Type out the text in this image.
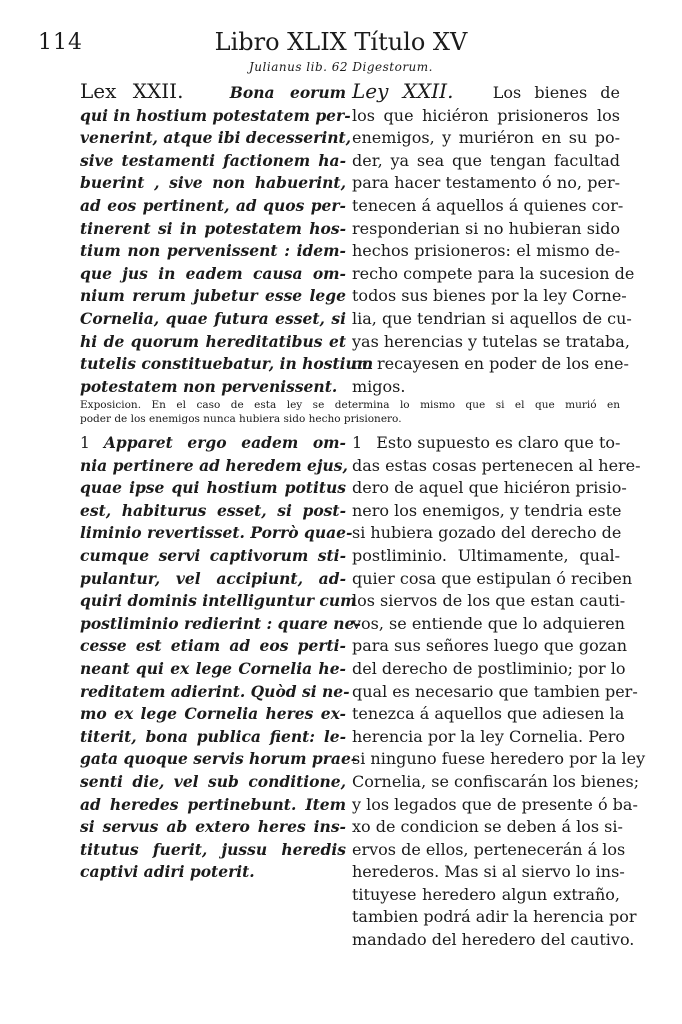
114	Libro XLIX Título XV
Julianus lib. 62 Digestorum.
Lex XXII.	Bona eorum
qui in hostium potestatem per-
venerint, atque ibi decesserint,
sive testamenti factionem ha-
buerint , sive non habuerint,
ad eos pertinent, ad quos per-
tinerent si in potestatem hos-
tium non pervenissent : idem-
que jus in eadem causa om-
nium rerum jubetur esse lege
Cornelia, quae futura esset, si
hi de quorum hereditatibus et
tutelis constituebatur, in hostium
potestatem non pervenissent.
Ley XXII. Los bienes de
los que hiciéron prisioneros los
enemigos, y muriéron en su po-
der, ya sea que tengan facultad
para hacer testamento ó no, per-
tenecen á aquellos á quienes cor-
responderian si no hubieran sido
hechos prisioneros: el mismo de-
recho compete para la sucesion de
todos sus bienes por la ley Corne-
lia, que tendrian si aquellos de cu-
yas herencias y tutelas se trataba,
no recayesen en poder de los ene-
migos.
Exposicion. En el caso de esta ley se determina lo mismo que si el que murió en
poder de los enemigos nunca hubiera sido hecho prisionero.
1 Apparet ergo eadem om-
nia pertinere ad heredem ejus,
quae ipse qui hostium potitus
est, habiturus esset, si post-
liminio revertisset. Porrò quae-
cumque servi captivorum sti-
pulantur, vel accipiunt, ad-
quiri dominis intelliguntur cum
postliminio redierint : quare ne-
cesse est etiam ad eos perti-
neant qui ex lege Cornelia he-
reditatem adierint. Quòd si ne-
mo ex lege Cornelia heres ex-
titerit, bona publica fient: le-
gata quoque servis horum prae-
senti die, vel sub conditione,
ad heredes pertinebunt. Item
si servus ab extero heres ins-
titutus fuerit, jussu heredis
captivi adiri poterit.
1 Esto supuesto es claro que to-
das estas cosas pertenecen al here-
dero de aquel que hiciéron prisio-
nero los enemigos, y tendria este
si hubiera gozado del derecho de
postliminio. Ultimamente, qual-
quier cosa que estipulan ó reciben
los siervos de los que estan cauti-
vos, se entiende que lo adquieren
para sus señores luego que gozan
del derecho de postliminio; por lo
qual es necesario que tambien per-
tenezca á aquellos que adiesen la
herencia por la ley Cornelia. Pero
si ninguno fuese heredero por la ley
Cornelia, se confiscarán los bienes;
y los legados que de presente ó ba-
xo de condicion se deben á los si-
ervos de ellos, pertenecerán á los
herederos. Mas si al siervo lo ins-
tituyese heredero algun extraño,
tambien podrá adir la herencia por
mandado del heredero del cautivo.
